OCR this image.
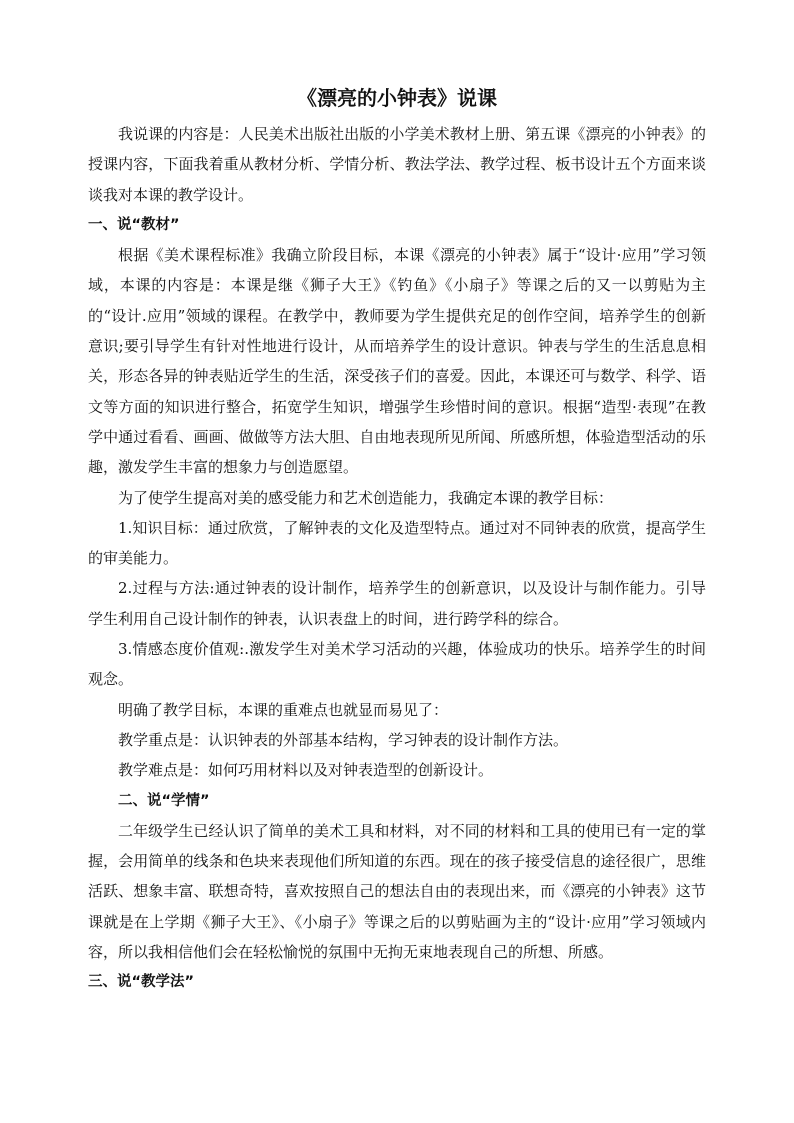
《漂亮的小钟表》说课

我说课的内容是：人民美术出版社出版的小学美术教材上册、第五课《漂亮的小钟表》的授课内容，下面我着重从教材分析、学情分析、教法学法、教学过程、板书设计五个方面来谈谈我对本课的教学设计。

一、说“教材”

根据《美术课程标准》我确立阶段目标，本课《漂亮的小钟表》属于“设计·应用”学习领域，本课的内容是：本课是继《狮子大王》《钓鱼》《小扇子》等课之后的又一以剪贴为主的“设计.应用”领域的课程。在教学中，教师要为学生提供充足的创作空间，培养学生的创新意识;要引导学生有针对性地进行设计，从而培养学生的设计意识。钟表与学生的生活息息相关，形态各异的钟表贴近学生的生活，深受孩子们的喜爱。因此，本课还可与数学、科学、语文等方面的知识进行整合，拓宽学生知识，增强学生珍惜时间的意识。根据“造型·表现”在教学中通过看看、画画、做做等方法大胆、自由地表现所见所闻、所感所想，体验造型活动的乐趣，激发学生丰富的想象力与创造愿望。

为了使学生提高对美的感受能力和艺术创造能力，我确定本课的教学目标：

1.知识目标：通过欣赏，了解钟表的文化及造型特点。通过对不同钟表的欣赏，提高学生的审美能力。

2.过程与方法:通过钟表的设计制作，培养学生的创新意识，以及设计与制作能力。引导学生利用自己设计制作的钟表，认识表盘上的时间，进行跨学科的综合。

3.情感态度价值观:.激发学生对美术学习活动的兴趣，体验成功的快乐。培养学生的时间观念。

明确了教学目标，本课的重难点也就显而易见了：

教学重点是：认识钟表的外部基本结构，学习钟表的设计制作方法。

教学难点是：如何巧用材料以及对钟表造型的创新设计。

二、说“学情”

二年级学生已经认识了简单的美术工具和材料，对不同的材料和工具的使用已有一定的掌握，会用简单的线条和色块来表现他们所知道的东西。现在的孩子接受信息的途径很广，思维活跃、想象丰富、联想奇特，喜欢按照自己的想法自由的表现出来，而《漂亮的小钟表》这节课就是在上学期《狮子大王》、《小扇子》等课之后的以剪贴画为主的“设计·应用”学习领域内容，所以我相信他们会在轻松愉悦的氛围中无拘无束地表现自己的所想、所感。

三、说“教学法”
